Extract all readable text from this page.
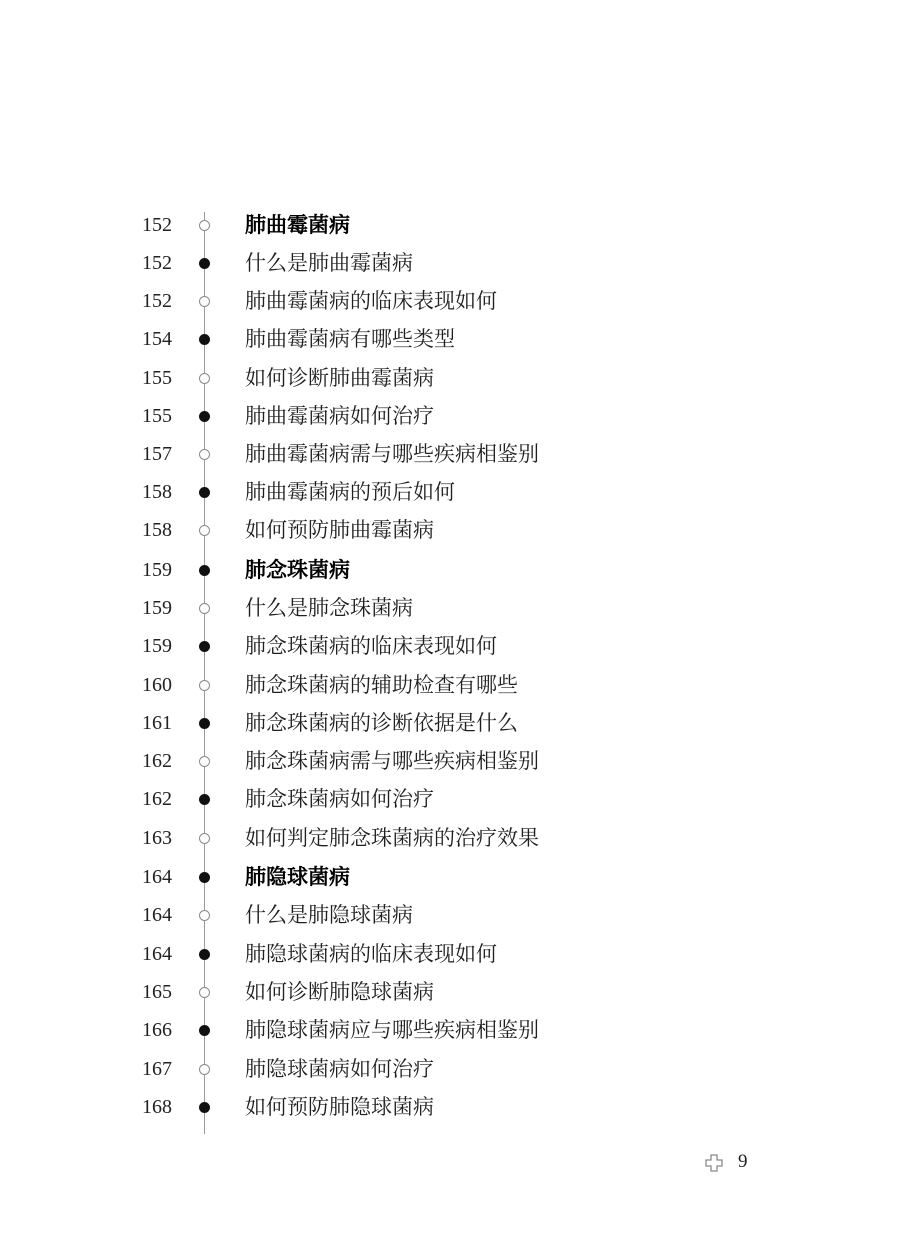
152	肺曲霉菌病
152	什么是肺曲霉菌病
152	肺曲霉菌病的临床表现如何
154	肺曲霉菌病有哪些类型
155	如何诊断肺曲霉菌病
155	肺曲霉菌病如何治疗
157	肺曲霉菌病需与哪些疾病相鉴别
158	肺曲霉菌病的预后如何
158	如何预防肺曲霉菌病
159	肺念珠菌病
159	什么是肺念珠菌病
159	肺念珠菌病的临床表现如何
160	肺念珠菌病的辅助检查有哪些
161	肺念珠菌病的诊断依据是什么
162	肺念珠菌病需与哪些疾病相鉴别
162	肺念珠菌病如何治疗
163	如何判定肺念珠菌病的治疗效果
164	肺隐球菌病
164	什么是肺隐球菌病
164	肺隐球菌病的临床表现如何
165	如何诊断肺隐球菌病
166	肺隐球菌病应与哪些疾病相鉴别
167	肺隐球菌病如何治疗
168	如何预防肺隐球菌病
9
